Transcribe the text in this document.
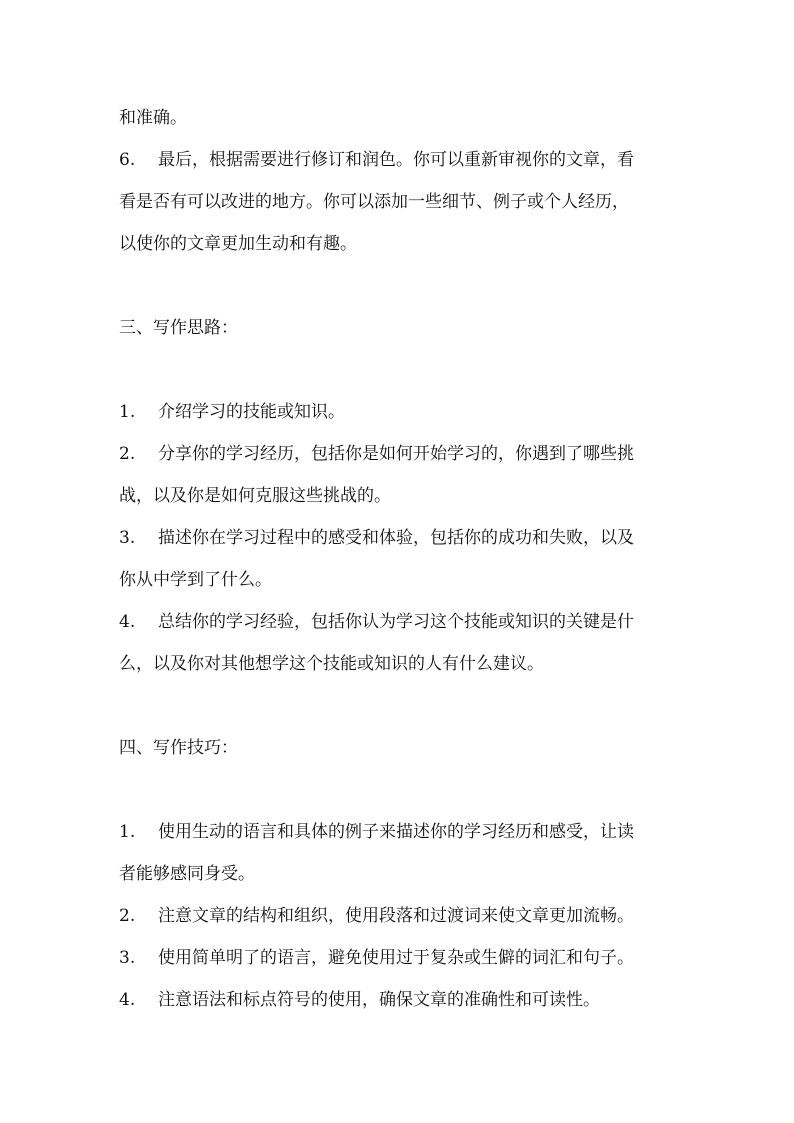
和准确。
6. 最后，根据需要进行修订和润色。你可以重新审视你的文章，看
看是否有可以改进的地方。你可以添加一些细节、例子或个人经历，
以使你的文章更加生动和有趣。
三、写作思路：
1. 介绍学习的技能或知识。
2. 分享你的学习经历，包括你是如何开始学习的，你遇到了哪些挑
战，以及你是如何克服这些挑战的。
3. 描述你在学习过程中的感受和体验，包括你的成功和失败，以及
你从中学到了什么。
4. 总结你的学习经验，包括你认为学习这个技能或知识的关键是什
么，以及你对其他想学这个技能或知识的人有什么建议。
四、写作技巧：
1. 使用生动的语言和具体的例子来描述你的学习经历和感受，让读
者能够感同身受。
2. 注意文章的结构和组织，使用段落和过渡词来使文章更加流畅。
3. 使用简单明了的语言，避免使用过于复杂或生僻的词汇和句子。
4. 注意语法和标点符号的使用，确保文章的准确性和可读性。
